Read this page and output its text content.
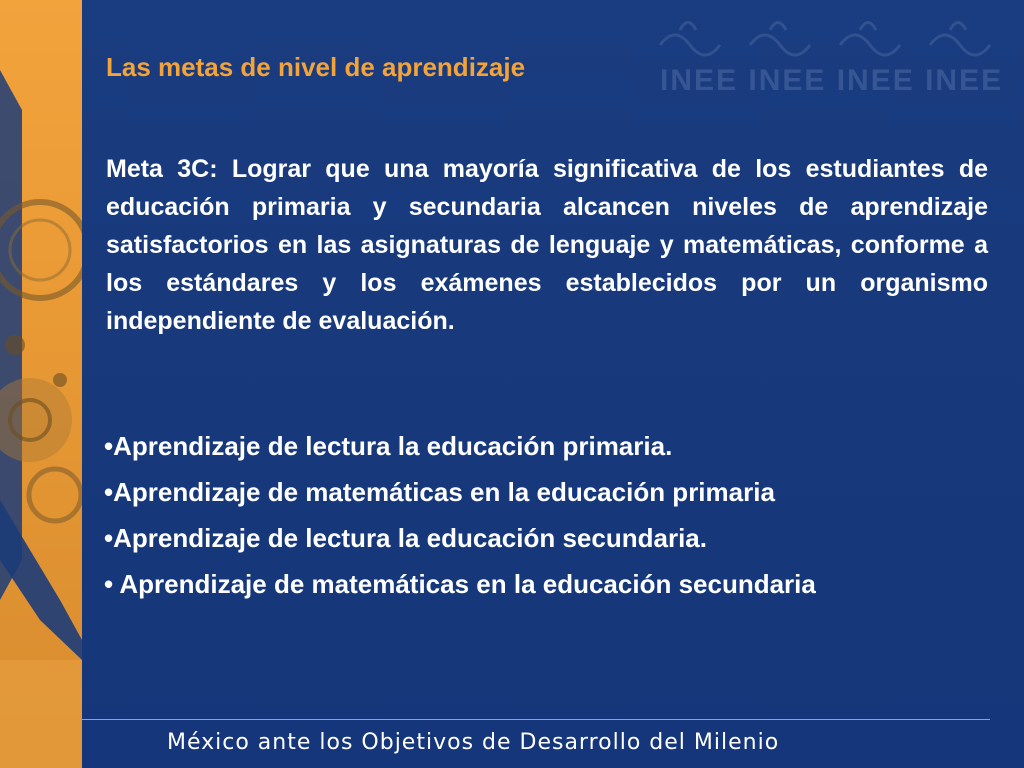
INEE INEE INEE INEE
Las metas de nivel de aprendizaje
Meta 3C: Lograr que una mayoría significativa de los estudiantes de educación primaria y secundaria alcancen niveles de aprendizaje satisfactorios en las asignaturas de lenguaje y matemáticas, conforme a los estándares y los exámenes establecidos por un organismo independiente de evaluación.
•Aprendizaje de lectura la educación primaria.
•Aprendizaje de matemáticas en la educación primaria
•Aprendizaje de lectura la educación secundaria.
• Aprendizaje de matemáticas en la educación secundaria
México ante los Objetivos de Desarrollo del Milenio
